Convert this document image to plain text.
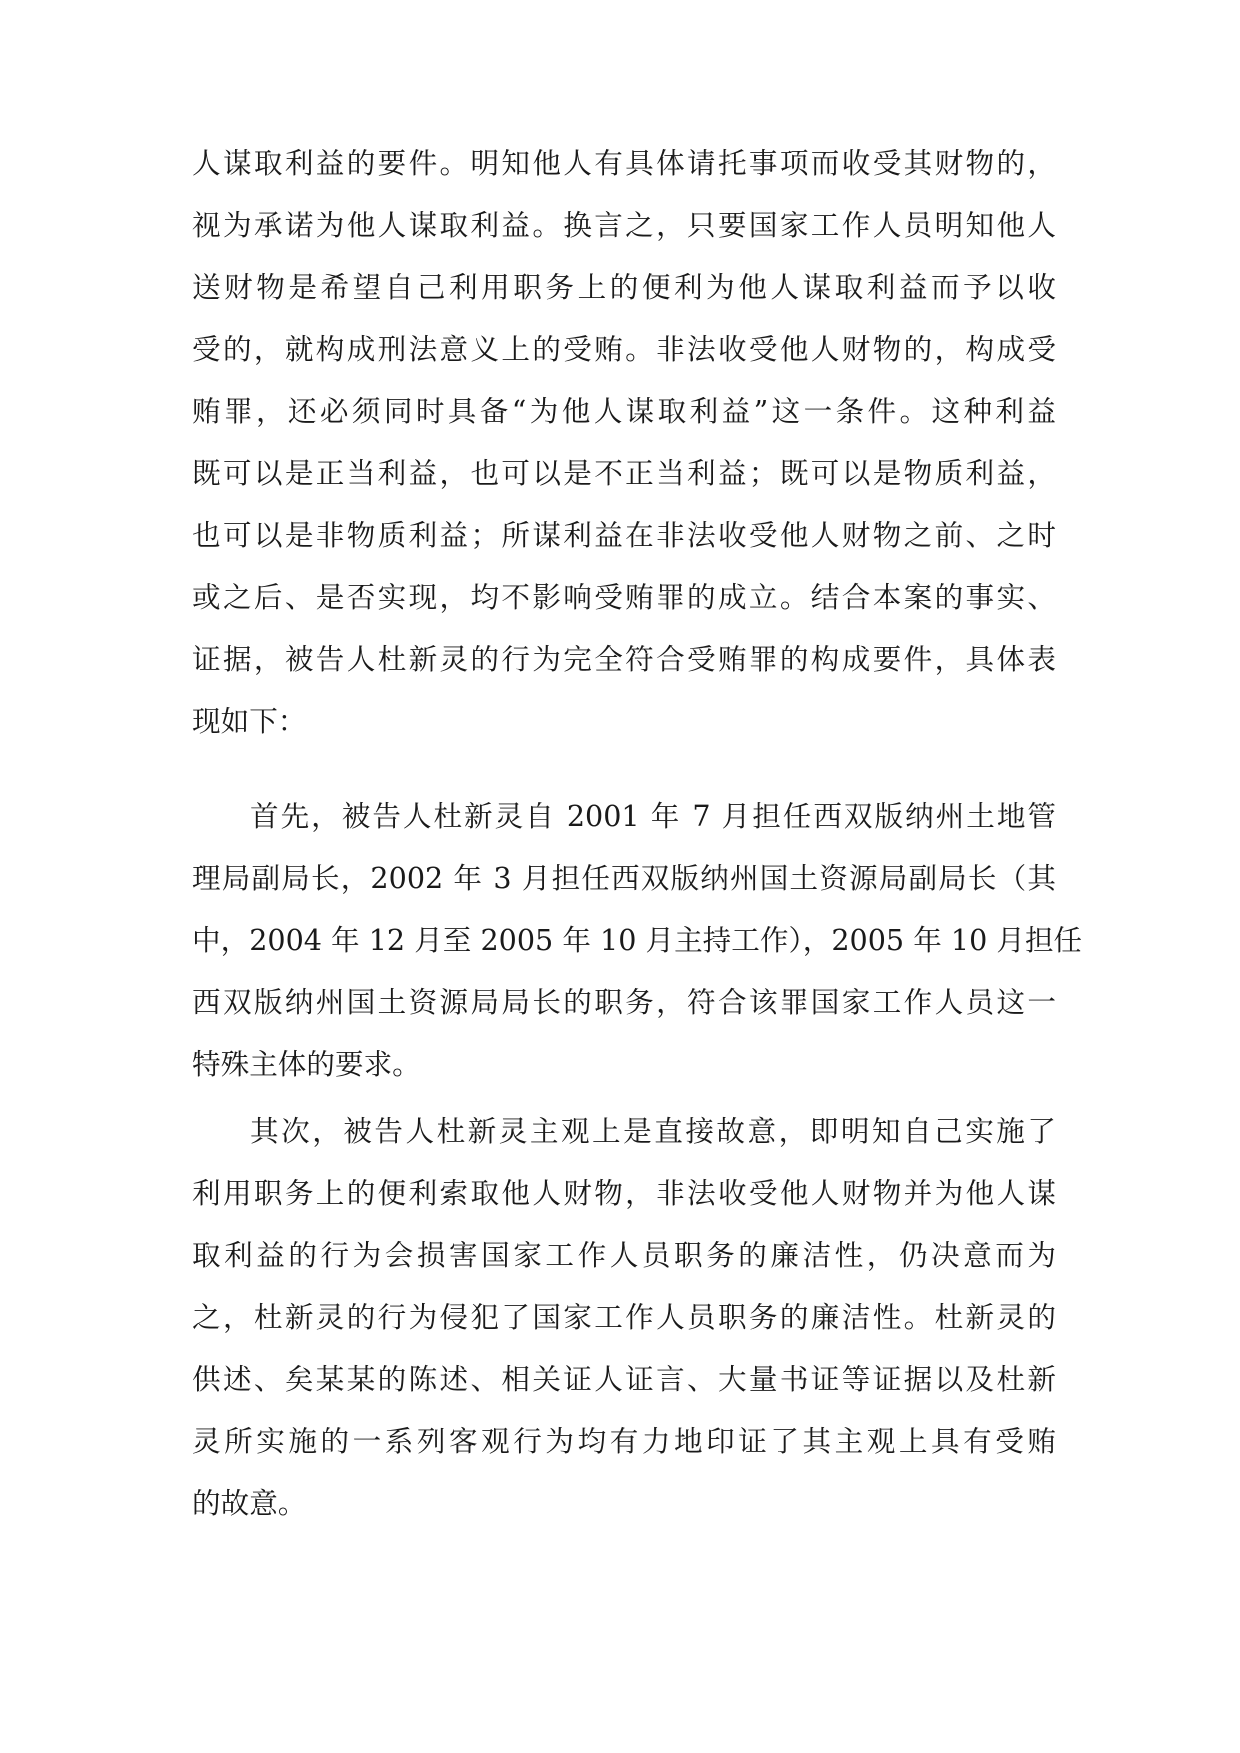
人谋取利益的要件。明知他人有具体请托事项而收受其财物的，
视为承诺为他人谋取利益。换言之，只要国家工作人员明知他人
送财物是希望自己利用职务上的便利为他人谋取利益而予以收
受的，就构成刑法意义上的受贿。非法收受他人财物的，构成受
贿罪，还必须同时具备“为他人谋取利益”这一条件。这种利益
既可以是正当利益，也可以是不正当利益；既可以是物质利益，
也可以是非物质利益；所谋利益在非法收受他人财物之前、之时
或之后、是否实现，均不影响受贿罪的成立。结合本案的事实、
证据，被告人杜新灵的行为完全符合受贿罪的构成要件，具体表
现如下：
首先，被告人杜新灵自 2001 年 7 月担任西双版纳州土地管
理局副局长，2002 年 3 月担任西双版纳州国土资源局副局长（其
中，2004 年 12 月至 2005 年 10 月主持工作），2005 年 10 月担任
西双版纳州国土资源局局长的职务，符合该罪国家工作人员这一
特殊主体的要求。
其次，被告人杜新灵主观上是直接故意，即明知自己实施了
利用职务上的便利索取他人财物，非法收受他人财物并为他人谋
取利益的行为会损害国家工作人员职务的廉洁性，仍决意而为
之，杜新灵的行为侵犯了国家工作人员职务的廉洁性。杜新灵的
供述、矣某某的陈述、相关证人证言、大量书证等证据以及杜新
灵所实施的一系列客观行为均有力地印证了其主观上具有受贿
的故意。
